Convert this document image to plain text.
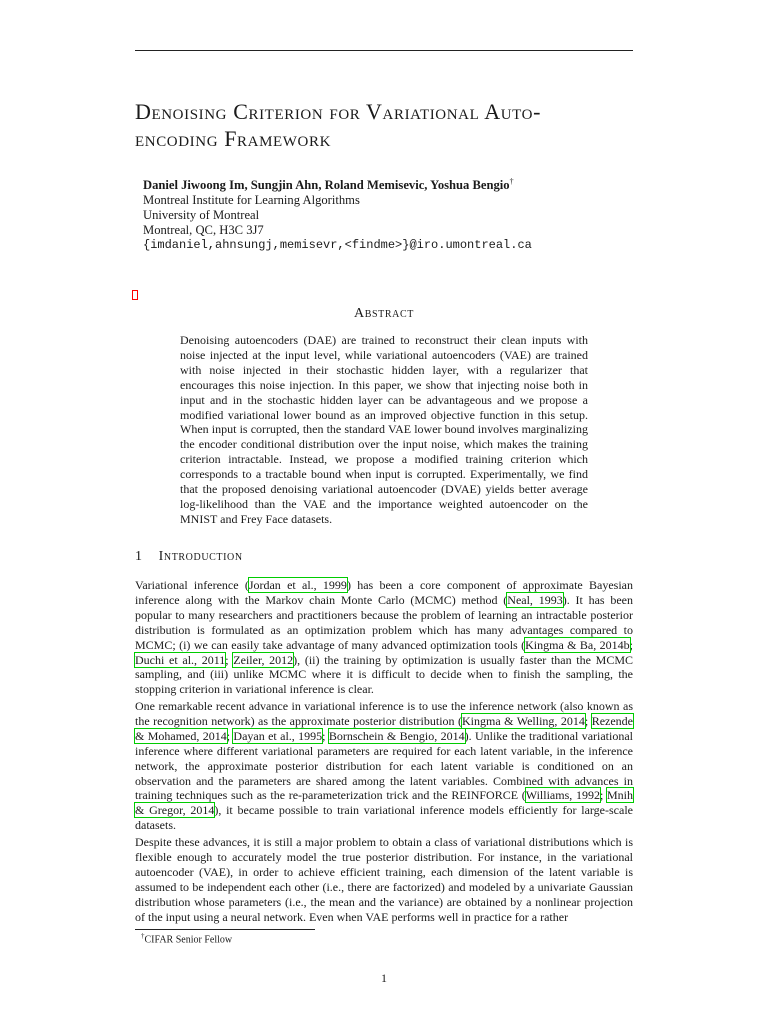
Denoising Criterion for Variational Auto-
encoding Framework
Daniel Jiwoong Im, Sungjin Ahn, Roland Memisevic, Yoshua Bengio†
Montreal Institute for Learning Algorithms
University of Montreal
Montreal, QC, H3C 3J7
{imdaniel,ahnsungj,memisevr,<findme>}@iro.umontreal.ca
Abstract
Denoising autoencoders (DAE) are trained to reconstruct their clean inputs with noise injected at the input level, while variational autoencoders (VAE) are trained with noise injected in their stochastic hidden layer, with a regularizer that encourages this noise injection. In this paper, we show that injecting noise both in input and in the stochastic hidden layer can be advantageous and we propose a modified variational lower bound as an improved objective function in this setup. When input is corrupted, then the standard VAE lower bound involves marginalizing the encoder conditional distribution over the input noise, which makes the training criterion intractable. Instead, we propose a modified training criterion which corresponds to a tractable bound when input is corrupted. Experimentally, we find that the proposed denoising variational autoencoder (DVAE) yields better average log-likelihood than the VAE and the importance weighted autoencoder on the MNIST and Frey Face datasets.
1 Introduction

Variational inference (Jordan et al., 1999) has been a core component of approximate Bayesian inference along with the Markov chain Monte Carlo (MCMC) method (Neal, 1993). It has been popular to many researchers and practitioners because the problem of learning an intractable posterior distribution is formulated as an optimization problem which has many advantages compared to MCMC; (i) we can easily take advantage of many advanced optimization tools (Kingma & Ba, 2014b; Duchi et al., 2011; Zeiler, 2012), (ii) the training by optimization is usually faster than the MCMC sampling, and (iii) unlike MCMC where it is difficult to decide when to finish the sampling, the stopping criterion in variational inference is clear.

One remarkable recent advance in variational inference is to use the inference network (also known as the recognition network) as the approximate posterior distribution (Kingma & Welling, 2014; Rezende & Mohamed, 2014; Dayan et al., 1995; Bornschein & Bengio, 2014). Unlike the traditional variational inference where different variational parameters are required for each latent variable, in the inference network, the approximate posterior distribution for each latent variable is conditioned on an observation and the parameters are shared among the latent variables. Combined with advances in training techniques such as the re-parameterization trick and the REINFORCE (Williams, 1992; Mnih & Gregor, 2014), it became possible to train variational inference models efficiently for large-scale datasets.

Despite these advances, it is still a major problem to obtain a class of variational distributions which is flexible enough to accurately model the true posterior distribution. For instance, in the variational autoencoder (VAE), in order to achieve efficient training, each dimension of the latent variable is assumed to be independent each other (i.e., there are factorized) and modeled by a univariate Gaussian distribution whose parameters (i.e., the mean and the variance) are obtained by a nonlinear projection of the input using a neural network. Even when VAE performs well in practice for a rather

†CIFAR Senior Fellow
1
